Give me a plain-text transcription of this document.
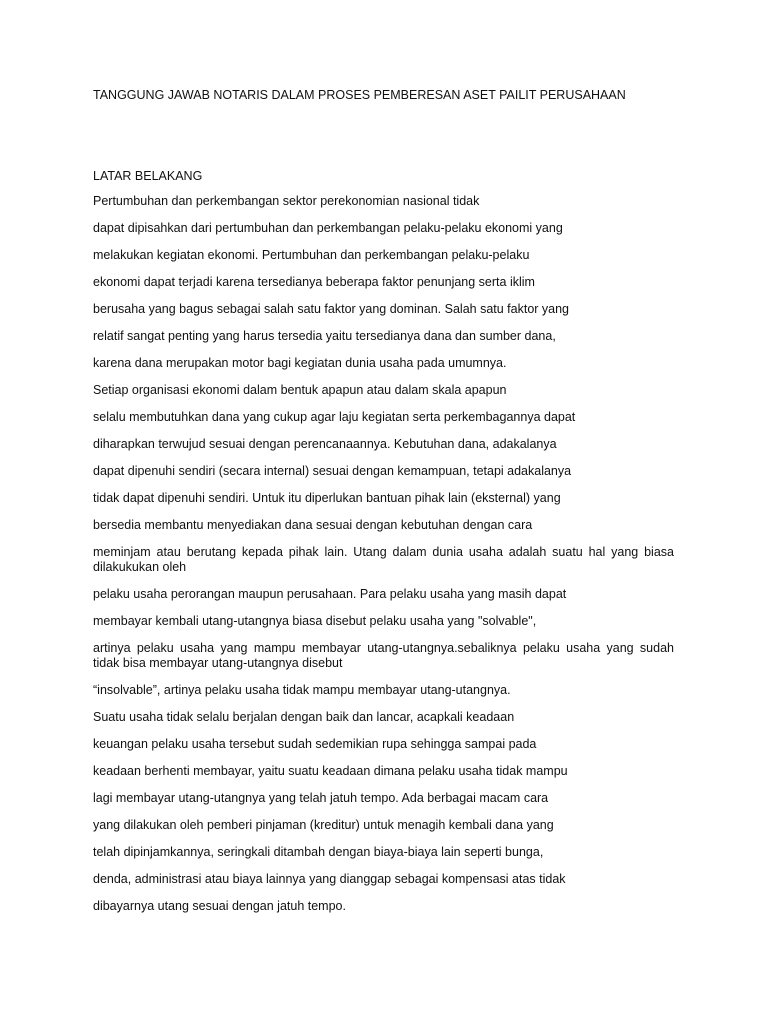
TANGGUNG JAWAB NOTARIS DALAM PROSES PEMBERESAN ASET PAILIT PERUSAHAAN
LATAR BELAKANG

Pertumbuhan dan perkembangan sektor perekonomian nasional tidak

dapat dipisahkan dari pertumbuhan dan perkembangan pelaku-pelaku ekonomi yang

melakukan kegiatan ekonomi. Pertumbuhan dan perkembangan pelaku-pelaku

ekonomi dapat terjadi karena tersedianya beberapa faktor penunjang serta iklim

berusaha yang bagus sebagai salah satu faktor yang dominan. Salah satu faktor yang

relatif sangat penting yang harus tersedia yaitu tersedianya dana dan sumber dana,

karena dana merupakan motor bagi kegiatan dunia usaha pada umumnya.

Setiap organisasi ekonomi dalam bentuk apapun atau dalam skala apapun

selalu membutuhkan dana yang cukup agar laju kegiatan serta perkembagannya dapat

diharapkan terwujud sesuai dengan perencanaannya. Kebutuhan dana, adakalanya

dapat dipenuhi sendiri (secara internal) sesuai dengan kemampuan, tetapi adakalanya

tidak dapat dipenuhi sendiri. Untuk itu diperlukan bantuan pihak lain (eksternal) yang

bersedia membantu menyediakan dana sesuai dengan kebutuhan dengan cara

meminjam atau berutang kepada pihak lain. Utang dalam dunia usaha adalah suatu hal yang biasa dilakukukan oleh

pelaku usaha perorangan maupun perusahaan. Para pelaku usaha yang masih dapat

membayar kembali utang-utangnya biasa disebut pelaku usaha yang "solvable",

artinya pelaku usaha yang mampu membayar utang-utangnya.sebaliknya pelaku usaha yang sudah tidak bisa membayar utang-utangnya disebut

“insolvable”, artinya pelaku usaha tidak mampu membayar utang-utangnya.

Suatu usaha tidak selalu berjalan dengan baik dan lancar, acapkali keadaan

keuangan pelaku usaha tersebut sudah sedemikian rupa sehingga sampai pada

keadaan berhenti membayar, yaitu suatu keadaan dimana pelaku usaha tidak mampu

lagi membayar utang-utangnya yang telah jatuh tempo. Ada berbagai macam cara

yang dilakukan oleh pemberi pinjaman (kreditur) untuk menagih kembali dana yang

telah dipinjamkannya, seringkali ditambah dengan biaya-biaya lain seperti bunga,

denda, administrasi atau biaya lainnya yang dianggap sebagai kompensasi atas tidak

dibayarnya utang sesuai dengan jatuh tempo.
